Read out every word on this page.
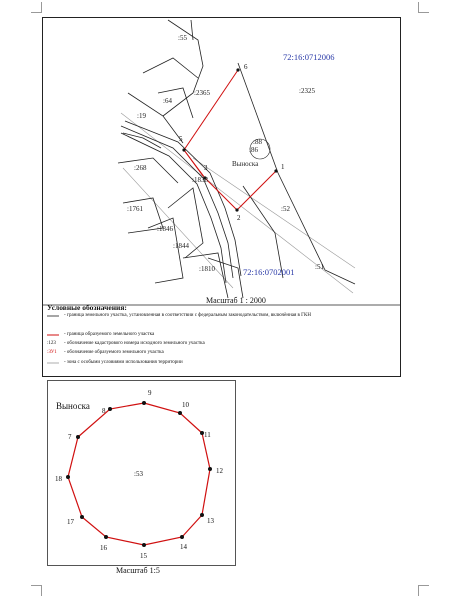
6
5
3	1
2
:55
:64
:2365	:2325
:19
:268
:88
:86
:1838
:1761
:1846
:1844
:52
:1810	:51
Выноска
72:16:0712006
72:16:0702001
Масштаб 1 : 2000
Условные обозначения:
- граница земельного участка, установленная в соответствии с федеральным законодательством, включённая в ГКН
- граница образуемого земельного участка
:123	- обозначение кадастрового номера исходного земельного участка
:ЗУ1	- обозначение образуемого земельного участка
- зона с особыми условиями использования территории
Выноска
9
10
11
12
13
14
15
16
17
18
7
8
:53
Масштаб 1:5
